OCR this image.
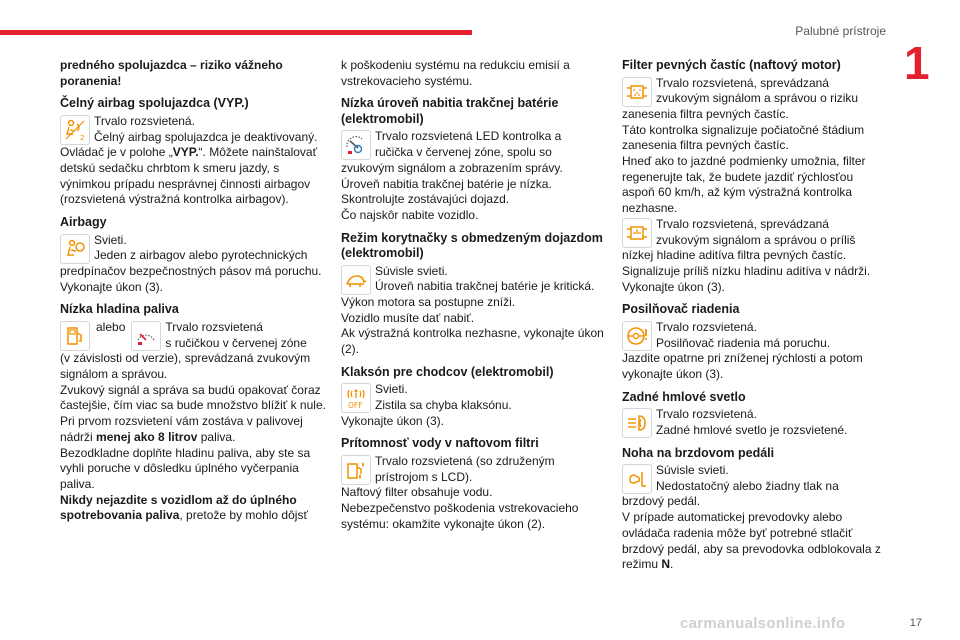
Palubné prístroje
1

predného spolujazdca – riziko vážneho poranenia!

Čelný airbag spolujazdca (VYP.)
2

Trvalo rozsvietená.

Čelný airbag spolujazdca je deaktivovaný.

Ovládač je v polohe „VYP.“. Môžete nainštalovať detskú sedačku chrbtom k smeru jazdy, s výnimkou prípadu nesprávnej činnosti airbagov (rozsvietená výstražná kontrolka airbagov).

Airbagy

Svieti.

Jeden z airbagov alebo pyrotechnických

predpínačov bezpečnostných pásov má poruchu. Vykonajte úkon (3).

Nízka hladina paliva
alebo	Trvalo rozsvietená

s ručičkou v červenej zóne

(v závislosti od verzie), sprevádzaná zvukovým signálom a správou.

Zvukový signál a správa sa budú opakovať čoraz častejšie, čím viac sa bude množstvo blížiť k nule.

Pri prvom rozsvietení vám zostáva v palivovej nádrži menej ako 8 litrov paliva.

Bezodkladne doplňte hladinu paliva, aby ste sa vyhli poruche v dôsledku úplného vyčerpania paliva.

Nikdy nejazdite s vozidlom až do úplného spotrebovania paliva, pretože by mohlo dôjsť

k poškodeniu systému na redukciu emisií a vstrekovacieho systému.

Nízka úroveň nabitia trakčnej batérie (elektromobil)

Trvalo rozsvietená LED kontrolka a

ručička v červenej zóne, spolu so

zvukovým signálom a zobrazením správy.

Úroveň nabitia trakčnej batérie je nízka.

Skontrolujte zostávajúci dojazd.

Čo najskôr nabite vozidlo.

Režim korytnačky s obmedzeným dojazdom (elektromobil)

Súvisle svieti.

Úroveň nabitia trakčnej batérie je kritická.

Výkon motora sa postupne zníži.

Vozidlo musíte dať nabiť.

Ak výstražná kontrolka nezhasne, vykonajte úkon (2).

Klaksón pre chodcov (elektromobil)
OFF

Svieti.

Zistila sa chyba klaksónu.

Vykonajte úkon (3).

Prítomnosť vody v naftovom filtri

Trvalo rozsvietená (so združeným

prístrojom s LCD).

Naftový filter obsahuje vodu.

Nebezpečenstvo poškodenia vstrekovacieho systému: okamžite vykonajte úkon (2).

Filter pevných častíc (naftový motor)

Trvalo rozsvietená, sprevádzaná

zvukovým signálom a správou o riziku

zanesenia filtra pevných častíc.

Táto kontrolka signalizuje počiatočné štádium zanesenia filtra pevných častíc.

Hneď ako to jazdné podmienky umožnia, filter regenerujte tak, že budete jazdiť rýchlosťou aspoň 60 km/h, až kým výstražná kontrolka nezhasne.

Trvalo rozsvietená, sprevádzaná

zvukovým signálom a správou o príliš

nízkej hladine aditíva filtra pevných častíc.

Signalizuje príliš nízku hladinu aditíva v nádrži.

Vykonajte úkon (3).

Posilňovač riadenia

Trvalo rozsvietená.

Posilňovač riadenia má poruchu.

Jazdite opatrne pri zníženej rýchlosti a potom vykonajte úkon (3).

Zadné hmlové svetlo

Trvalo rozsvietená.

Zadné hmlové svetlo je rozsvietené.

Noha na brzdovom pedáli

Súvisle svieti.

Nedostatočný alebo žiadny tlak na

brzdový pedál.

V prípade automatickej prevodovky alebo ovládača radenia môže byť potrebné stlačiť brzdový pedál, aby sa prevodovka odblokovala z režimu N.

carmanualsonline.info	17
